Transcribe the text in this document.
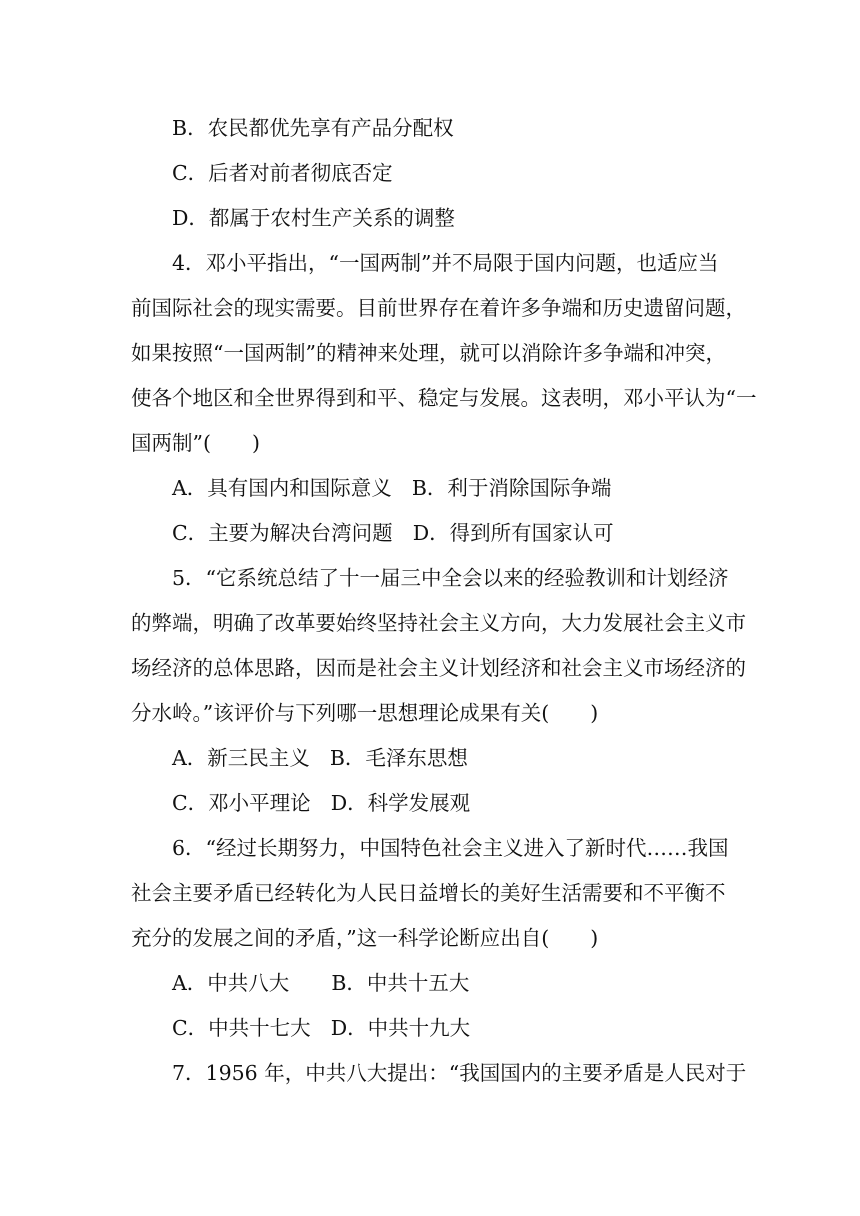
B．农民都优先享有产品分配权
C．后者对前者彻底否定
D．都属于农村生产关系的调整
4．邓小平指出，“一国两制”并不局限于国内问题，也适应当
前国际社会的现实需要。目前世界存在着许多争端和历史遗留问题，
如果按照“一国两制”的精神来处理，就可以消除许多争端和冲突，
使各个地区和全世界得到和平、稳定与发展。这表明，邓小平认为“一
国两制”(　　)
A．具有国内和国际意义 B．利于消除国际争端
C．主要为解决台湾问题 D．得到所有国家认可
5．“它系统总结了十一届三中全会以来的经验教训和计划经济
的弊端，明确了改革要始终坚持社会主义方向，大力发展社会主义市
场经济的总体思路，因而是社会主义计划经济和社会主义市场经济的
分水岭。”该评价与下列哪一思想理论成果有关(　　)
A．新三民主义 B．毛泽东思想
C．邓小平理论 D．科学发展观
6．“经过长期努力，中国特色社会主义进入了新时代……我国
社会主要矛盾已经转化为人民日益增长的美好生活需要和不平衡不
充分的发展之间的矛盾，”这一科学论断应出自(　　)
A．中共八大 B．中共十五大
C．中共十七大 D．中共十九大
7．1956 年，中共八大提出：“我国国内的主要矛盾是人民对于
